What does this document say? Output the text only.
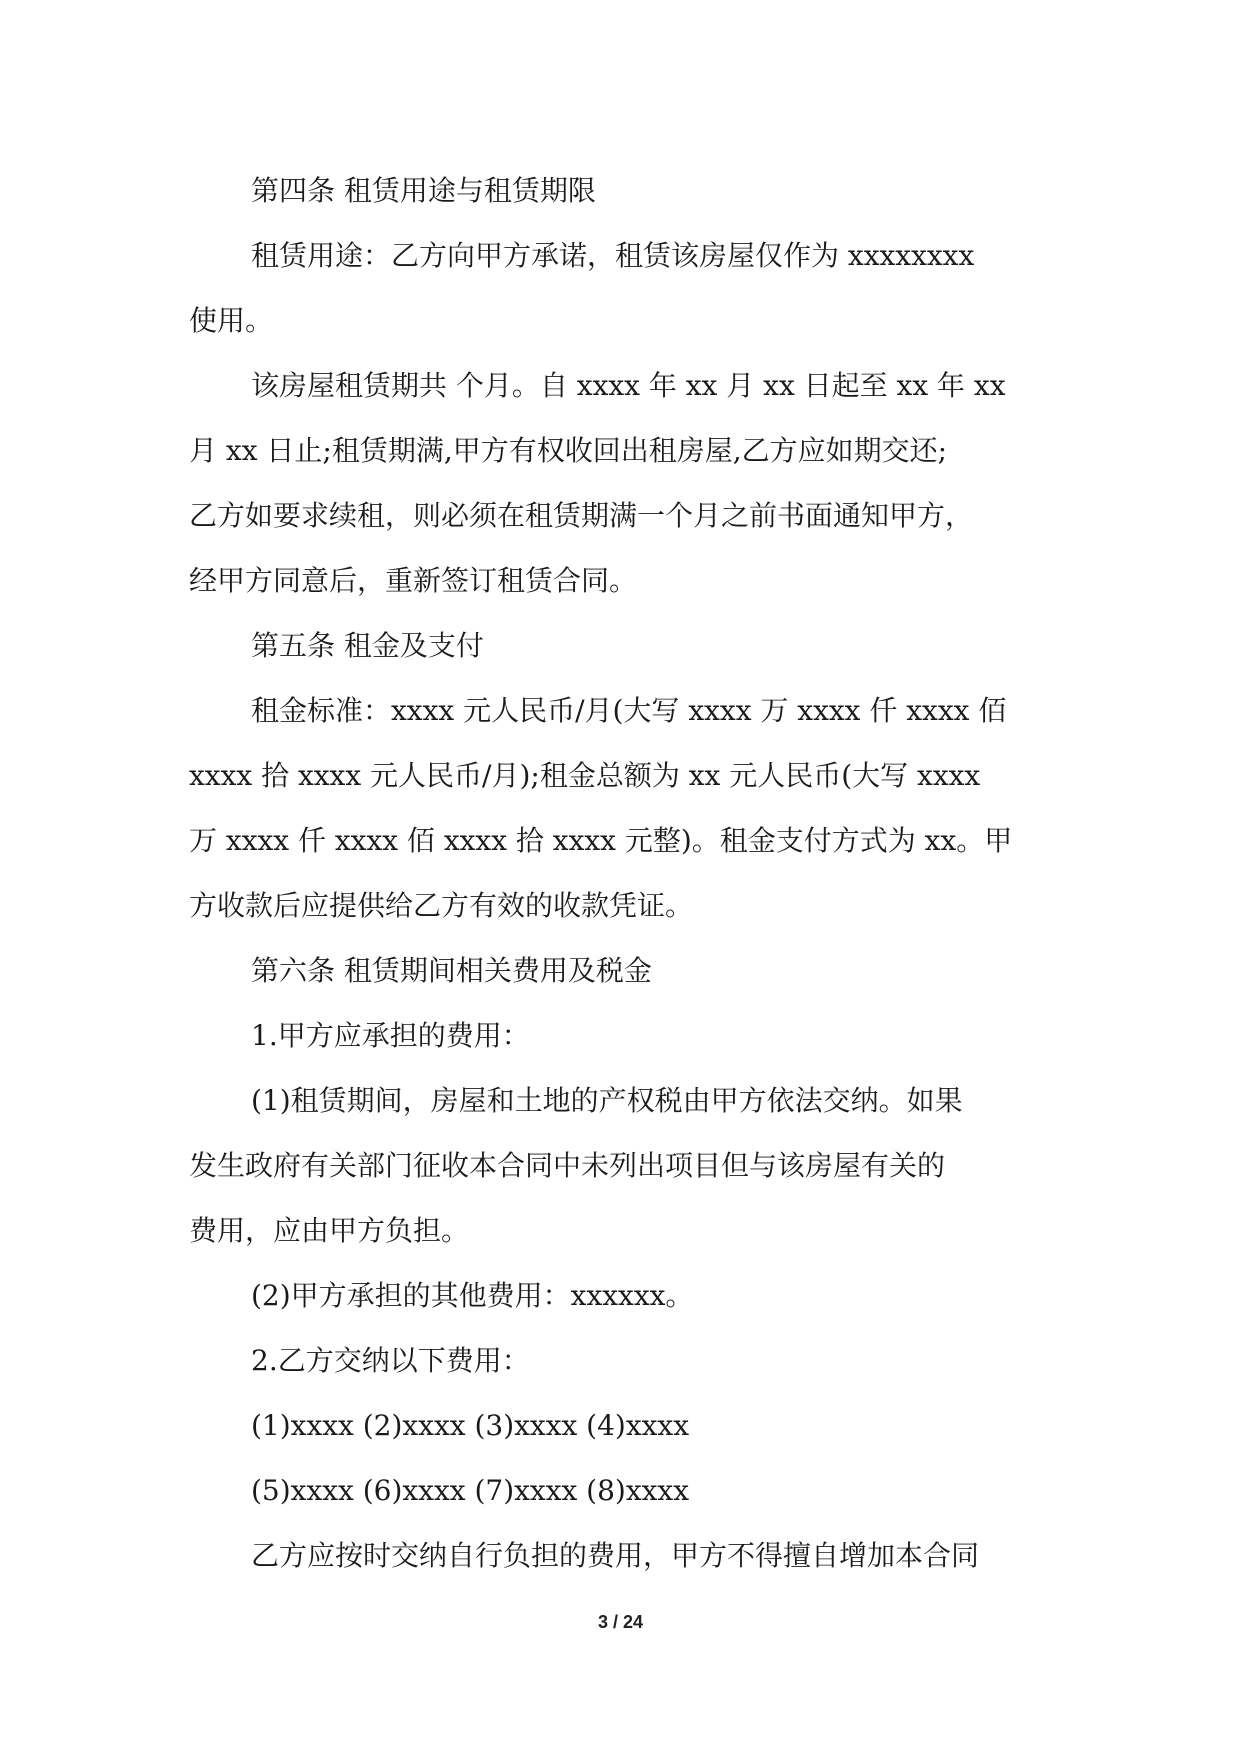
第四条 租赁用途与租赁期限

租赁用途：乙方向甲方承诺，租赁该房屋仅作为 xxxxxxxx
使用。

该房屋租赁期共 个月。自 xxxx 年 xx 月 xx 日起至 xx 年 xx
月 xx 日止;租赁期满,甲方有权收回出租房屋,乙方应如期交还;
乙方如要求续租，则必须在租赁期满一个月之前书面通知甲方，
经甲方同意后，重新签订租赁合同。

第五条 租金及支付

租金标准：xxxx 元人民币/月(大写 xxxx 万 xxxx 仟 xxxx 佰
xxxx 拾 xxxx 元人民币/月);租金总额为 xx 元人民币(大写 xxxx
万 xxxx 仟 xxxx 佰 xxxx 拾 xxxx 元整)。租金支付方式为 xx。甲
方收款后应提供给乙方有效的收款凭证。

第六条 租赁期间相关费用及税金

1.甲方应承担的费用：

(1)租赁期间，房屋和土地的产权税由甲方依法交纳。如果
发生政府有关部门征收本合同中未列出项目但与该房屋有关的
费用，应由甲方负担。

(2)甲方承担的其他费用：xxxxxx。

2.乙方交纳以下费用：

(1)xxxx (2)xxxx (3)xxxx (4)xxxx

(5)xxxx (6)xxxx (7)xxxx (8)xxxx

乙方应按时交纳自行负担的费用，甲方不得擅自增加本合同

3 / 24
